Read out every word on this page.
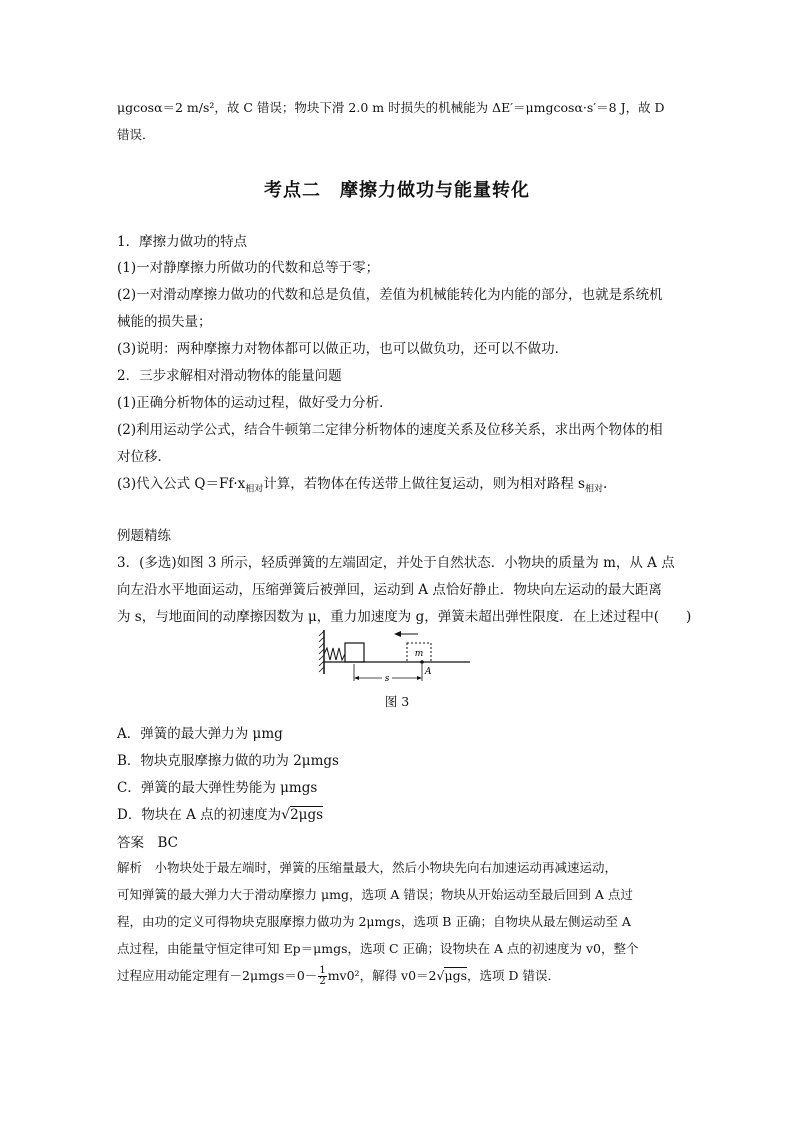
μgcosα＝2 m/s²，故 C 错误；物块下滑 2.0 m 时损失的机械能为 ΔE′＝μmgcosα·s′＝8 J，故 D
错误．
考点二　摩擦力做功与能量转化
1．摩擦力做功的特点
(1)一对静摩擦力所做功的代数和总等于零；
(2)一对滑动摩擦力做功的代数和总是负值，差值为机械能转化为内能的部分，也就是系统机
械能的损失量；
(3)说明：两种摩擦力对物体都可以做正功，也可以做负功，还可以不做功．
2．三步求解相对滑动物体的能量问题
(1)正确分析物体的运动过程，做好受力分析．
(2)利用运动学公式，结合牛顿第二定律分析物体的速度关系及位移关系，求出两个物体的相
对位移．
(3)代入公式 $Q=Ff\cdot x_{相对}$计算，若物体在传送带上做往复运动，则为相对路程 $s_{相对}$.
例题精练
3．(多选)如图 3 所示，轻质弹簧的左端固定，并处于自然状态．小物块的质量为 m，从 A 点
向左沿水平地面运动，压缩弹簧后被弹回，运动到 A 点恰好静止．物块向左运动的最大距离
为 s，与地面间的动摩擦因数为 μ，重力加速度为 g，弹簧未超出弹性限度．在上述过程中(　　)
m
A
s
图 3
A．弹簧的最大弹力为 μmg
B．物块克服摩擦力做的功为 2μmgs
C．弹簧的最大弹性势能为 μmgs
D．物块在 A 点的初速度为√2μgs
答案　BC
解析　小物块处于最左端时，弹簧的压缩量最大，然后小物块先向右加速运动再减速运动，
可知弹簧的最大弹力大于滑动摩擦力 μmg，选项 A 错误；物块从开始运动至最后回到 A 点过
程，由功的定义可得物块克服摩擦力做功为 2μmgs，选项 B 正确；自物块从最左侧运动至 A
点过程，由能量守恒定律可知 Ep＝μmgs，选项 C 正确；设物块在 A 点的初速度为 v0，整个
过程应用动能定理有$-2\mu mgs=0- \frac{1}{2} mv0^2$，解得 v0＝2√μgs，选项 D 错误．
